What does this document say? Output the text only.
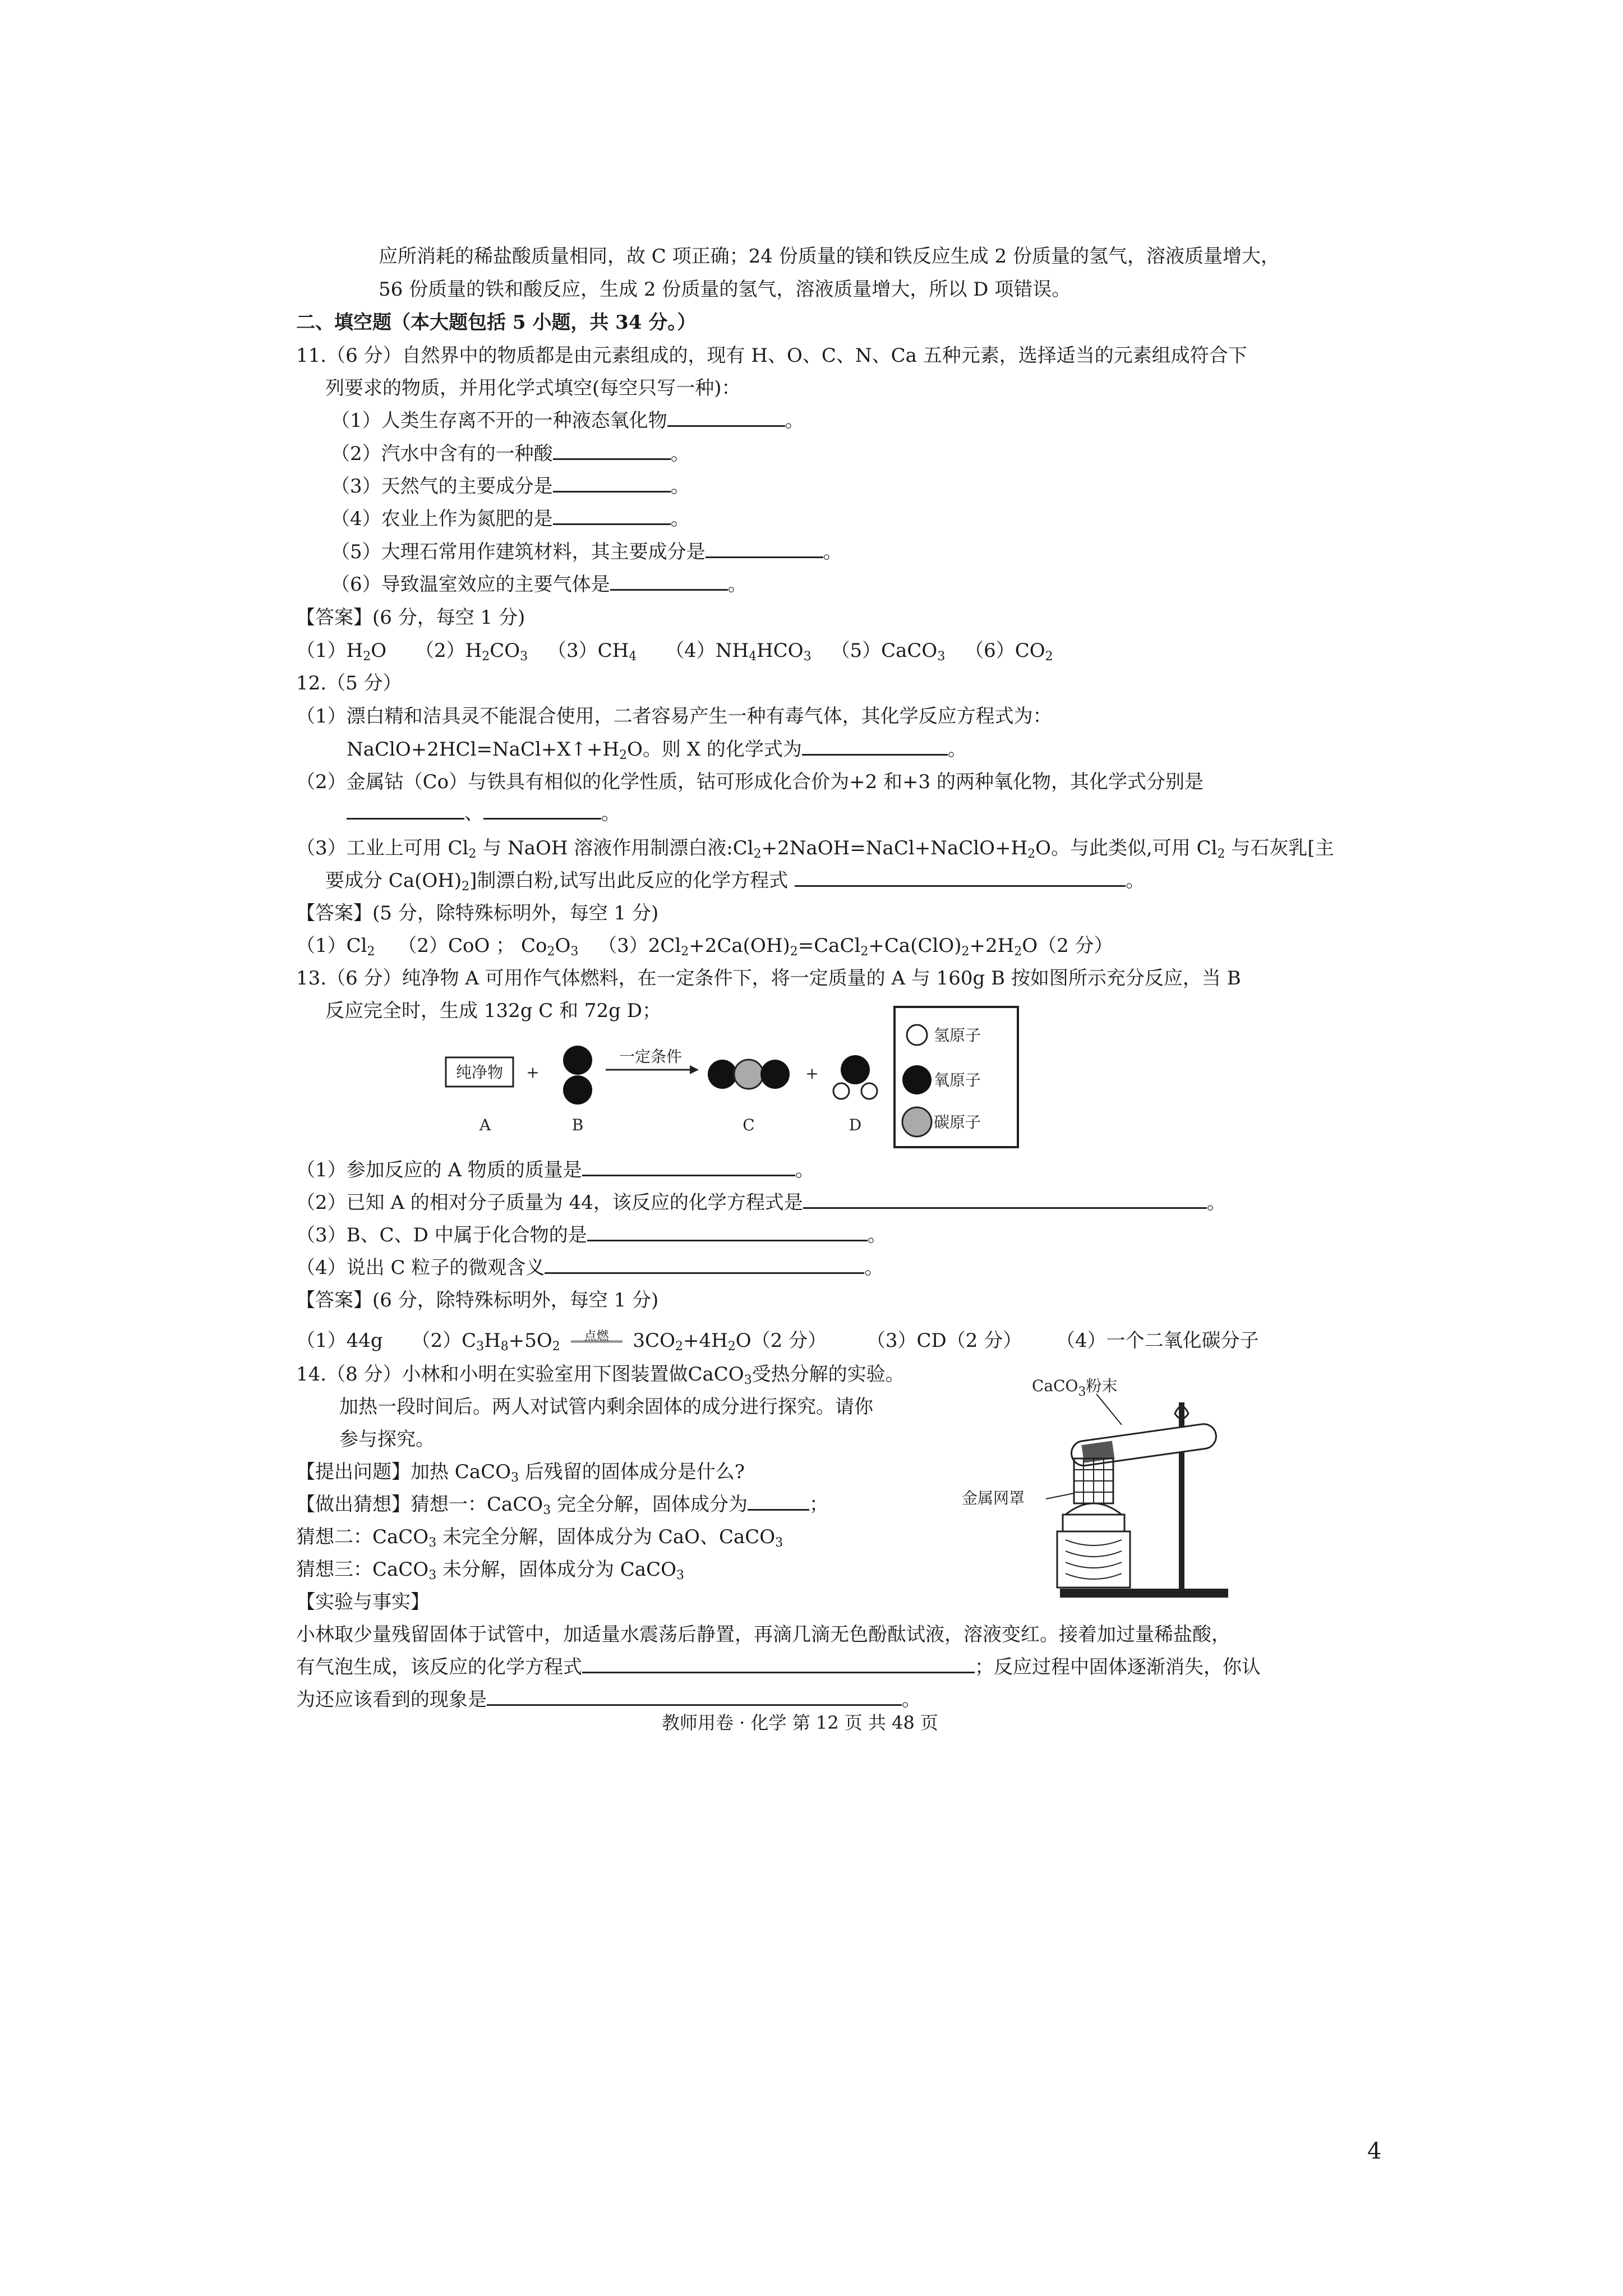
应所消耗的稀盐酸质量相同，故 C 项正确；24 份质量的镁和铁反应生成 2 份质量的氢气，溶液质量增大，
56 份质量的铁和酸反应，生成 2 份质量的氢气，溶液质量增大，所以 D 项错误。
二、填空题（本大题包括 5 小题，共 34 分。）
11.（6 分）自然界中的物质都是由元素组成的，现有 H、O、C、N、Ca 五种元素，选择适当的元素组成符合下
列要求的物质，并用化学式填空(每空只写一种)：
（1）人类生存离不开的一种液态氧化物	。
（2）汽水中含有的一种酸	。
（3）天然气的主要成分是	。
（4）农业上作为氮肥的是	。
（5）大理石常用作建筑材料，其主要成分是	。
（6）导致温室效应的主要气体是	。
【答案】(6 分，每空 1 分)
$(1)H_2O$ $(2)H_2CO_3$ $(3)CH_4$ $(4)NH_4HCO_3$ （5）CaCO$_3$ $(6)CO_2$
12.（5 分）
（1）漂白精和洁具灵不能混合使用，二者容易产生一种有毒气体，其化学反应方程式为：
$NaClO+2HCl=NaCl+X↑+H_2O$。则 X 的化学式为	。
（2）金属钴（Co）与铁具有相似的化学性质，钴可形成化合价为+2 和+3 的两种氧化物，其化学式分别是
、	。
（3）工业上可用 $Cl_2$ 与 NaOH 溶液作用制漂白液$:Cl_2+2NaOH=NaCl+NaClO+H_2O$。与此类似,可用 $Cl_2$ 与石灰乳[主
要成分 $Ca(OH)_2$]制漂白粉,试写出此反应的化学方程式	。
【答案】(5 分，除特殊标明外，每空 1 分)
$(1)Cl_2$ （2）CoO ； $Co_2O_3$ $(3)2Cl_2+2Ca(OH)_2=CaCl_2+Ca(ClO)_2+2H_2O(2$ 分）
13.（6 分）纯净物 A 可用作气体燃料，在一定条件下，将一定质量的 A 与 160g B 按如图所示充分反应，当 B
反应完全时，生成 132g C 和 72g D；
纯净物 +
一定条件
+
A	B	C	D
氢原子
氧原子
碳原子
（1）参加反应的 A 物质的质量是	。
（2）已知 A 的相对分子质量为 44，该反应的化学方程式是	。
（3）B、C、D 中属于化合物的是	。
（4）说出 C 粒子的微观含义	。
【答案】(6 分，除特殊标明外，每空 1 分)
（1）44g $(2)C_3H_8+5O_2$
点燃	$3CO_2+4H_2O(2$ 分） （3）CD（2 分） （4）一个二氧化碳分子
14.（8 分）小林和小明在实验室用下图装置做CaCO$_3$受热分解的实验。
加热一段时间后。两人对试管内剩余固体的成分进行探究。请你
参与探究。
【提出问题】加热 CaCO$_3$ 后残留的固体成分是什么?
【做出猜想】猜想一：CaCO$_3$ 完全分解，固体成分为	；
猜想二：CaCO$_3$ 未完全分解，固体成分为 CaO、CaCO$_3$
猜想三：CaCO$_3$ 未分解，固体成分为 CaCO$_3$
【实验与事实】
小林取少量残留固体于试管中，加适量水震荡后静置，再滴几滴无色酚酞试液，溶液变红。接着加过量稀盐酸，
有气泡生成，该反应的化学方程式	；反应过程中固体逐渐消失，你认
为还应该看到的现象是	。
CaCO$_3$粉末
金属网罩
教师用卷 · 化学 第 12 页 共 48 页
4
